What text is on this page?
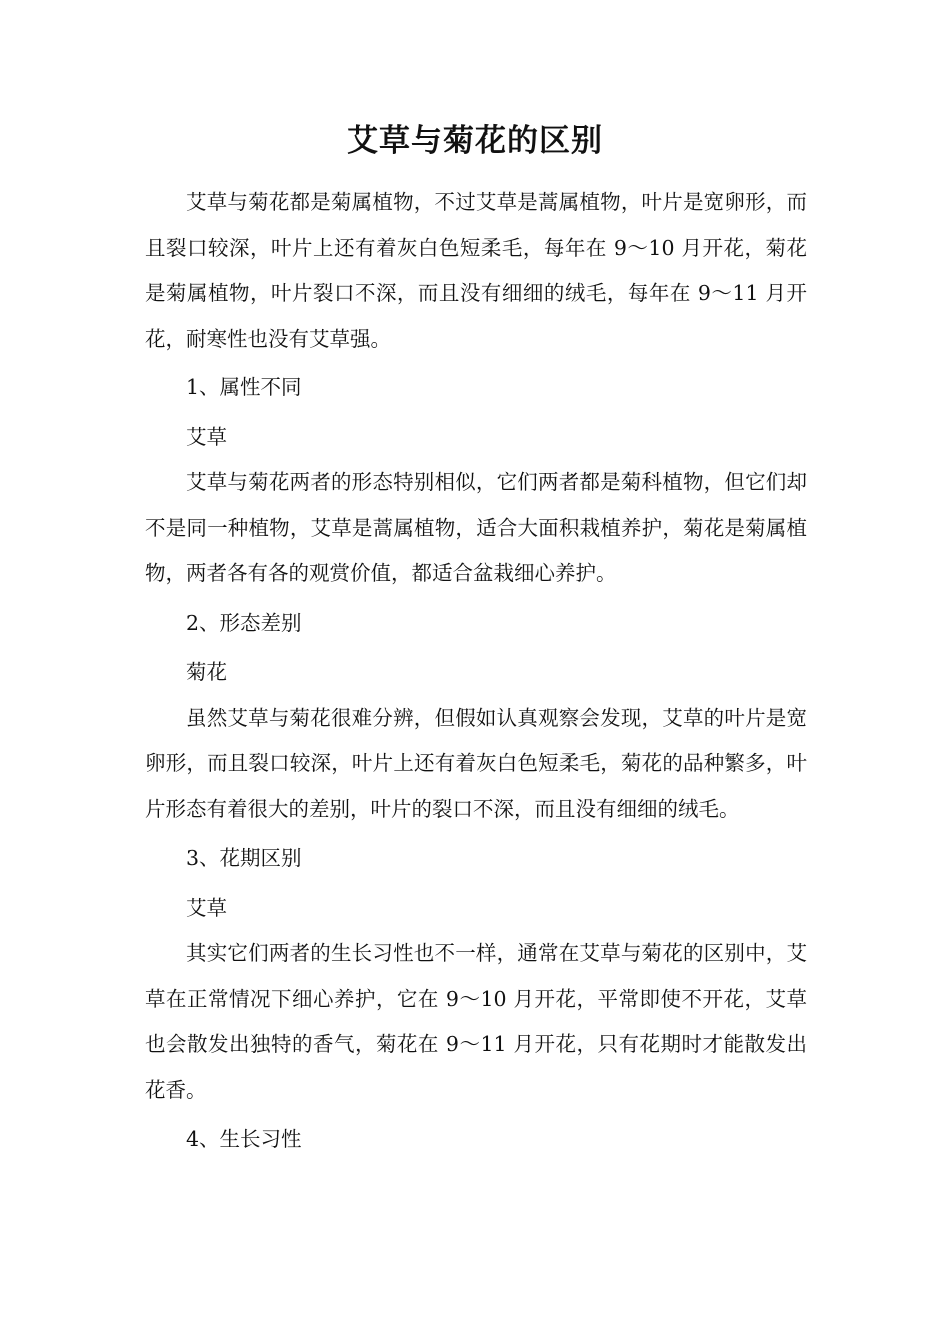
艾草与菊花的区别

艾草与菊花都是菊属植物，不过艾草是蒿属植物，叶片是宽卵形，而且裂口较深，叶片上还有着灰白色短柔毛，每年在 9～10 月开花，菊花是菊属植物，叶片裂口不深，而且没有细细的绒毛，每年在 9～11 月开花，耐寒性也没有艾草强。

1、属性不同

艾草

艾草与菊花两者的形态特别相似，它们两者都是菊科植物，但它们却不是同一种植物，艾草是蒿属植物，适合大面积栽植养护，菊花是菊属植物，两者各有各的观赏价值，都适合盆栽细心养护。

2、形态差别

菊花

虽然艾草与菊花很难分辨，但假如认真观察会发现，艾草的叶片是宽卵形，而且裂口较深，叶片上还有着灰白色短柔毛，菊花的品种繁多，叶片形态有着很大的差别，叶片的裂口不深，而且没有细细的绒毛。

3、花期区别

艾草

其实它们两者的生长习性也不一样，通常在艾草与菊花的区别中，艾草在正常情况下细心养护，它在 9～10 月开花，平常即使不开花，艾草也会散发出独特的香气，菊花在 9～11 月开花，只有花期时才能散发出花香。

4、生长习性
